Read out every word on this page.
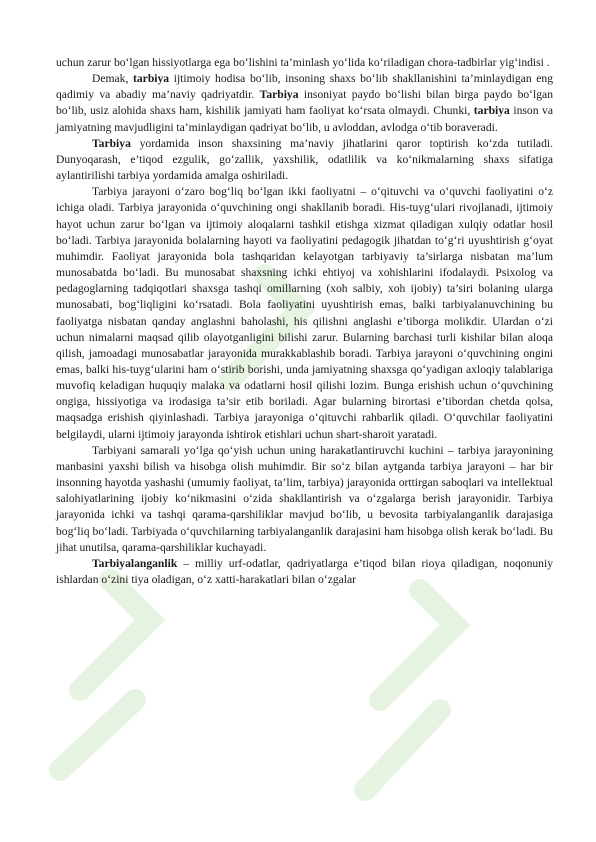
uchun zarur bo‘lgan hissiyotlarga ega bo‘lishini ta’minlash yo‘lida ko‘riladigan chora-tadbirlar yig‘indisi .

Demak, tarbiya ijtimoiy hodisa bo‘lib, insoning shaxs bo‘lib shakllanishini ta’minlaydigan eng qadimiy va abadiy ma’naviy qadriyatdir. Tarbiya insoniyat paydo bo‘lishi bilan birga paydo bo‘lgan bo‘lib, usiz alohida shaxs ham, kishilik jamiyati ham faoliyat ko‘rsata olmaydi. Chunki, tarbiya inson va jamiyatning mavjudligini ta’minlaydigan qadriyat bo‘lib, u avloddan, avlodga o‘tib boraveradi.

Tarbiya yordamida inson shaxsining ma’naviy jihatlarini qaror toptirish ko‘zda tutiladi. Dunyoqarash, e’tiqod ezgulik, go‘zallik, yaxshilik, odatlilik va ko‘nikmalarning shaxs sifatiga aylantirilishi tarbiya yordamida amalga oshiriladi.

Tarbiya jarayoni o‘zaro bog‘liq bo‘lgan ikki faoliyatni – o‘qituvchi va o‘quvchi faoliyatini o‘z ichiga oladi. Tarbiya jarayonida o‘quvchining ongi shakllanib boradi. His-tuyg‘ulari rivojlanadi, ijtimoiy hayot uchun zarur bo‘lgan va ijtimoiy aloqalarni tashkil etishga xizmat qiladigan xulqiy odatlar hosil bo‘ladi. Tarbiya jarayonida bolalarning hayoti va faoliyatini pedagogik jihatdan to‘g‘ri uyushtirish g‘oyat muhimdir. Faoliyat jarayonida bola tashqaridan kelayotgan tarbiyaviy ta’sirlarga nisbatan ma’lum munosabatda bo‘ladi. Bu munosabat shaxsning ichki ehtiyoj va xohishlarini ifodalaydi. Psixolog va pedagoglarning tadqiqotlari shaxsga tashqi omillarning (xoh salbiy, xoh ijobiy) ta’siri bolaning ularga munosabati, bog‘liqligini ko‘rsatadi. Bola faoliyatini uyushtirish emas, balki tarbiyalanuvchining bu faoliyatga nisbatan qanday anglashni baholashi, his qilishni anglashi e’tiborga molikdir. Ulardan o‘zi uchun nimalarni maqsad qilib olayotganligini bilishi zarur. Bularning barchasi turli kishilar bilan aloqa qilish, jamoadagi munosabatlar jarayonida murakkablashib boradi. Tarbiya jarayoni o‘quvchining ongini emas, balki his-tuyg‘ularini ham o‘stirib borishi, unda jamiyatning shaxsga qo‘yadigan axloqiy talablariga muvofiq keladigan huquqiy malaka va odatlarni hosil qilishi lozim. Bunga erishish uchun o‘quvchining ongiga, hissiyotiga va irodasiga ta’sir etib boriladi. Agar bularning birortasi e’tibordan chetda qolsa, maqsadga erishish qiyinlashadi. Tarbiya jarayoniga o‘qituvchi rahbarlik qiladi. O‘quvchilar faoliyatini belgilaydi, ularni ijtimoiy jarayonda ishtirok etishlari uchun shart-sharoit yaratadi.

Tarbiyani samarali yo‘lga qo‘yish uchun uning harakatlantiruvchi kuchini – tarbiya jarayonining manbasini yaxshi bilish va hisobga olish muhimdir. Bir so‘z bilan aytganda tarbiya jarayoni – har bir insonning hayotda yashashi (umumiy faoliyat, ta’lim, tarbiya) jarayonida orttirgan saboqlari va intellektual salohiyatlarining ijobiy ko‘nikmasini o‘zida shakllantirish va o‘zgalarga berish jarayonidir. Tarbiya jarayonida ichki va tashqi qarama-qarshiliklar mavjud bo‘lib, u bevosita tarbiyalanganlik darajasiga bog‘liq bo‘ladi. Tarbiyada o‘quvchilarning tarbiyalanganlik darajasini ham hisobga olish kerak bo‘ladi. Bu jihat unutilsa, qarama-qarshiliklar kuchayadi.

Tarbiyalanganlik – milliy urf-odatlar, qadriyatlarga e’tiqod bilan rioya qiladigan, noqonuniy ishlardan o‘zini tiya oladigan, o‘z xatti-harakatlari bilan o‘zgalar
